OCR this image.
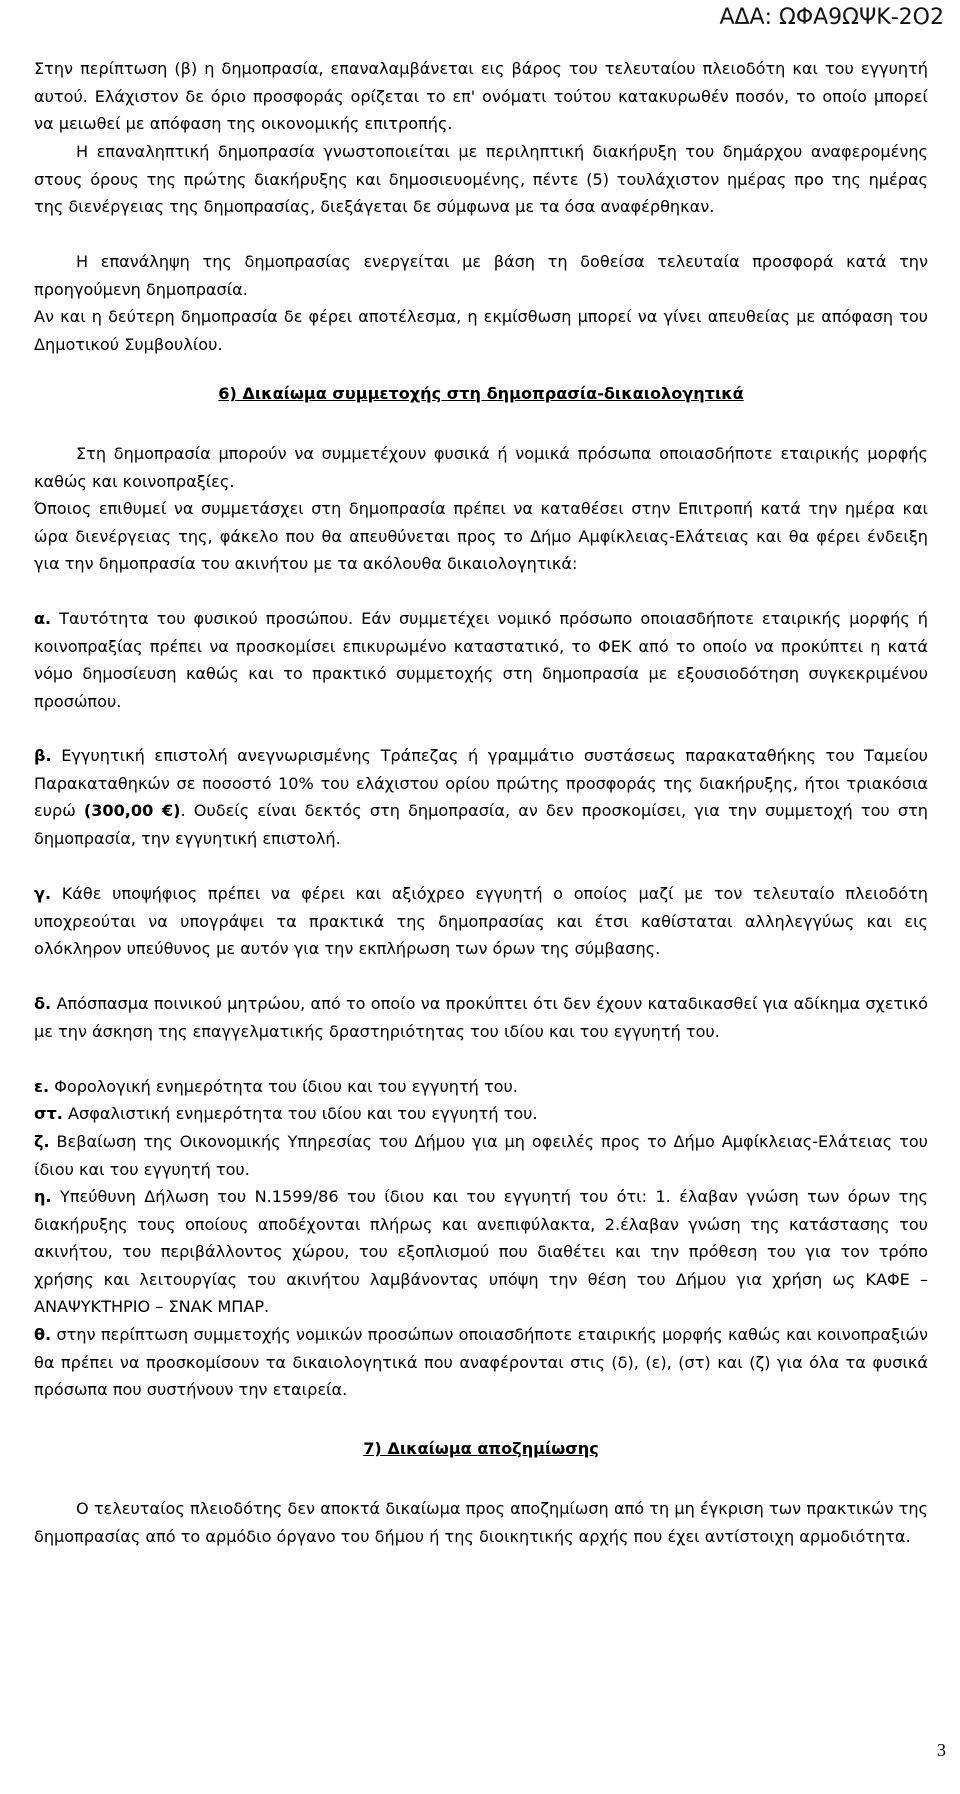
ΑΔΑ: ΩΦΑ9ΩΨΚ-2Ο2

Στην περίπτωση (β) η δημοπρασία, επαναλαμβάνεται εις βάρος του τελευταίου πλειοδότη και του εγγυητή αυτού. Ελάχιστον δε όριο προσφοράς ορίζεται το επ' ονόματι τούτου κατακυρωθέν ποσόν, το οποίο μπορεί να μειωθεί με απόφαση της οικονομικής επιτροπής.

Η επαναληπτική δημοπρασία γνωστοποιείται με περιληπτική διακήρυξη του δημάρχου αναφερομένης στους όρους της πρώτης διακήρυξης και δημοσιευομένης, πέντε (5) τουλάχιστον ημέρας προ της ημέρας της διενέργειας της δημοπρασίας, διεξάγεται δε σύμφωνα με τα όσα αναφέρθηκαν.

Η επανάληψη της δημοπρασίας ενεργείται με βάση τη δοθείσα τελευταία προσφορά κατά την προηγούμενη δημοπρασία.

Αν και η δεύτερη δημοπρασία δε φέρει αποτέλεσμα, η εκμίσθωση μπορεί να γίνει απευθείας με απόφαση του Δημοτικού Συμβουλίου.

6) Δικαίωμα συμμετοχής στη δημοπρασία-δικαιολογητικά

Στη δημοπρασία μπορούν να συμμετέχουν φυσικά ή νομικά πρόσωπα οποιασδήποτε εταιρικής μορφής καθώς και κοινοπραξίες.

Όποιος επιθυμεί να συμμετάσχει στη δημοπρασία πρέπει να καταθέσει στην Επιτροπή κατά την ημέρα και ώρα διενέργειας της, φάκελο που θα απευθύνεται προς το Δήμο Αμφίκλειας-Ελάτειας και θα φέρει ένδειξη για την δημοπρασία του ακινήτου με τα ακόλουθα δικαιολογητικά:

α. Ταυτότητα του φυσικού προσώπου. Εάν συμμετέχει νομικό πρόσωπο οποιασδήποτε εταιρικής μορφής ή κοινοπραξίας πρέπει να προσκομίσει επικυρωμένο καταστατικό, το ΦΕΚ από το οποίο να προκύπτει η κατά νόμο δημοσίευση καθώς και το πρακτικό συμμετοχής στη δημοπρασία με εξουσιοδότηση συγκεκριμένου προσώπου.

β. Εγγυητική επιστολή ανεγνωρισμένης Τράπεζας ή γραμμάτιο συστάσεως παρακαταθήκης του Ταμείου Παρακαταθηκών σε ποσοστό 10% του ελάχιστου ορίου πρώτης προσφοράς της διακήρυξης, ήτοι τριακόσια ευρώ (300,00 €). Ουδείς είναι δεκτός στη δημοπρασία, αν δεν προσκομίσει, για την συμμετοχή του στη δημοπρασία, την εγγυητική επιστολή.

γ. Κάθε υποψήφιος πρέπει να φέρει και αξιόχρεο εγγυητή ο οποίος μαζί με τον τελευταίο πλειοδότη υποχρεούται να υπογράψει τα πρακτικά της δημοπρασίας και έτσι καθίσταται αλληλεγγύως και εις ολόκληρον υπεύθυνος με αυτόν για την εκπλήρωση των όρων της σύμβασης.

δ. Απόσπασμα ποινικού μητρώου, από το οποίο να προκύπτει ότι δεν έχουν καταδικασθεί για αδίκημα σχετικό με την άσκηση της επαγγελματικής δραστηριότητας του ιδίου και του εγγυητή του.

ε. Φορολογική ενημερότητα του ίδιου και του εγγυητή του.

στ. Ασφαλιστική ενημερότητα του ιδίου και του εγγυητή του.

ζ. Βεβαίωση της Οικονομικής Υπηρεσίας του Δήμου για μη οφειλές προς το Δήμο Αμφίκλειας-Ελάτειας του ίδιου και του εγγυητή του.

η. Υπεύθυνη Δήλωση του Ν.1599/86 του ίδιου και του εγγυητή του ότι: 1. έλαβαν γνώση των όρων της διακήρυξης τους οποίους αποδέχονται πλήρως και ανεπιφύλακτα, 2.έλαβαν γνώση της κατάστασης του ακινήτου, του περιβάλλοντος χώρου, του εξοπλισμού που διαθέτει και την πρόθεση του για τον τρόπο χρήσης και λειτουργίας του ακινήτου λαμβάνοντας υπόψη την θέση του Δήμου για χρήση ως ΚΑΦΕ – ΑΝΑΨΥΚΤΗΡΙΟ – ΣΝΑΚ ΜΠΑΡ.

θ. στην περίπτωση συμμετοχής νομικών προσώπων οποιασδήποτε εταιρικής μορφής καθώς και κοινοπραξιών θα πρέπει να προσκομίσουν τα δικαιολογητικά που αναφέρονται στις (δ), (ε), (στ) και (ζ) για όλα τα φυσικά πρόσωπα που συστήνουν την εταιρεία.

7) Δικαίωμα αποζημίωσης

Ο τελευταίος πλειοδότης δεν αποκτά δικαίωμα προς αποζημίωση από τη μη έγκριση των πρακτικών της δημοπρασίας από το αρμόδιο όργανο του δήμου ή της διοικητικής αρχής που έχει αντίστοιχη αρμοδιότητα.

3
